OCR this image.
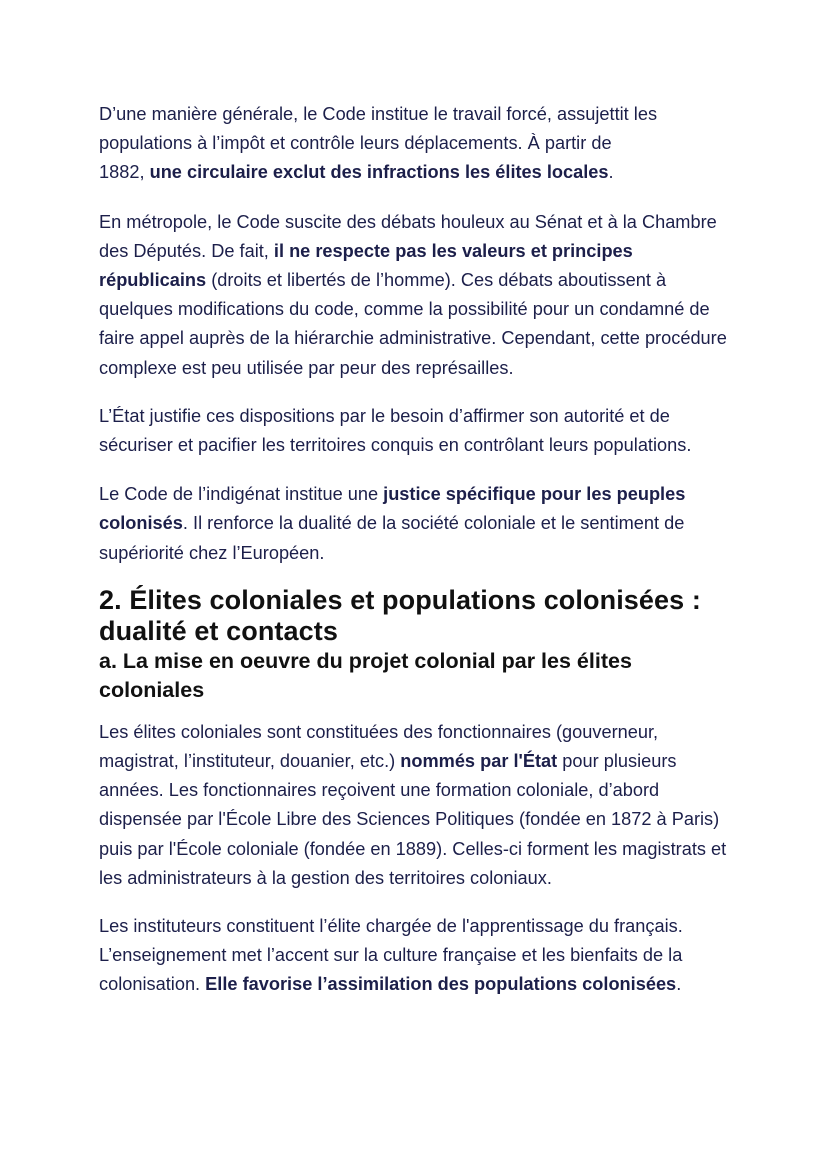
D’une manière générale, le Code institue le travail forcé, assujettit les
populations à l’impôt et contrôle leurs déplacements. À partir de
1882, une circulaire exclut des infractions les élites locales.

En métropole, le Code suscite des débats houleux au Sénat et à la Chambre des Députés. De fait, il ne respecte pas les valeurs et principes républicains (droits et libertés de l’homme). Ces débats aboutissent à quelques modifications du code, comme la possibilité pour un condamné de faire appel auprès de la hiérarchie administrative. Cependant, cette procédure complexe est peu utilisée par peur des représailles.

L’État justifie ces dispositions par le besoin d’affirmer son autorité et de sécuriser et pacifier les territoires conquis en contrôlant leurs populations.

Le Code de l’indigénat institue une justice spécifique pour les peuples colonisés. Il renforce la dualité de la société coloniale et le sentiment de supériorité chez l’Européen.

2. Élites coloniales et populations colonisées : dualité et contacts
a. La mise en oeuvre du projet colonial par les élites coloniales

Les élites coloniales sont constituées des fonctionnaires (gouverneur, magistrat, l’instituteur, douanier, etc.) nommés par l'État pour plusieurs années. Les fonctionnaires reçoivent une formation coloniale, d’abord dispensée par l'École Libre des Sciences Politiques (fondée en 1872 à Paris) puis par l'École coloniale (fondée en 1889). Celles-ci forment les magistrats et les administrateurs à la gestion des territoires coloniaux.

Les instituteurs constituent l’élite chargée de l'apprentissage du français. L’enseignement met l’accent sur la culture française et les bienfaits de la colonisation. Elle favorise l’assimilation des populations colonisées.
